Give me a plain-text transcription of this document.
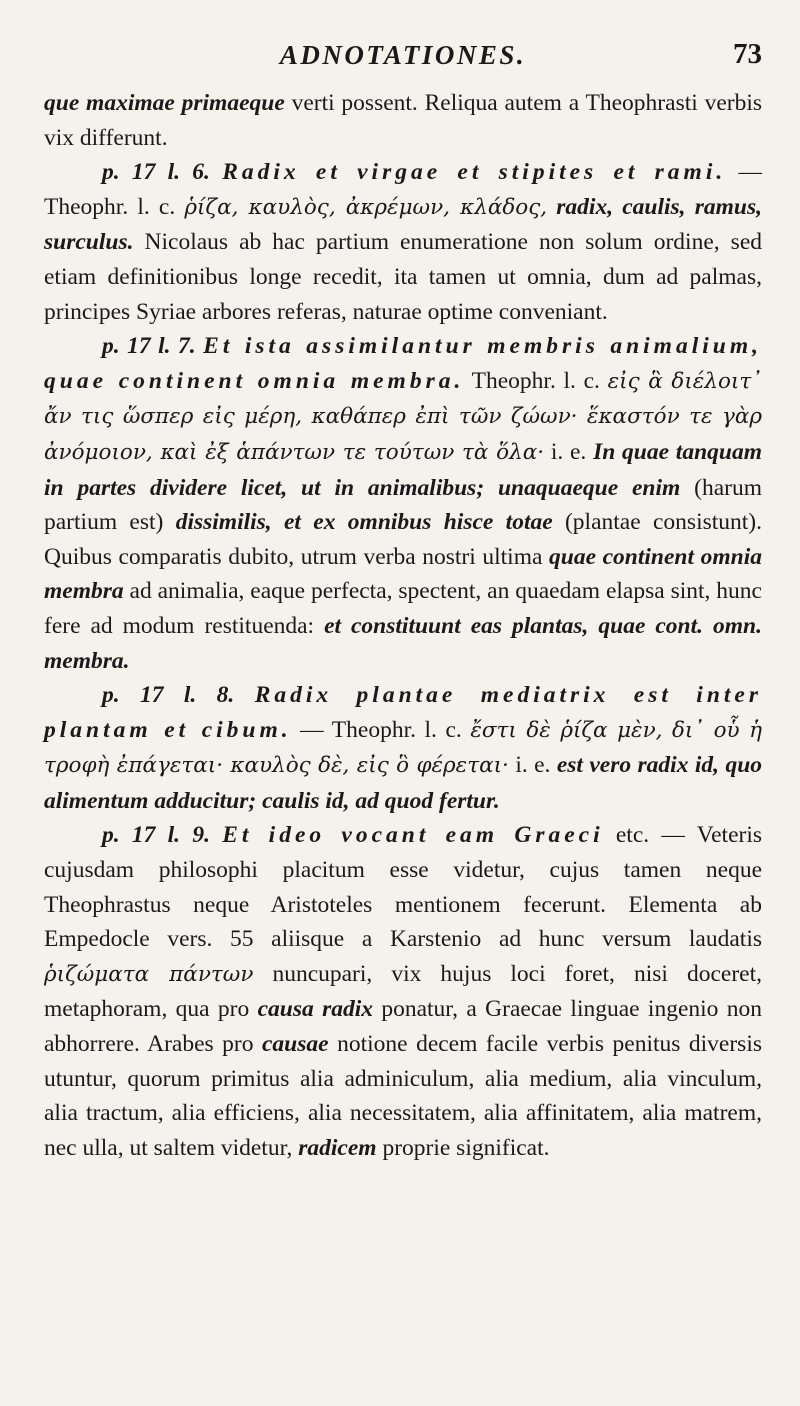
ADNOTATIONES.	73

que maximae primaeque verti possent. Reliqua autem a Theophrasti verbis vix differunt.

p. 17 l. 6. Radix et virgae et stipites et rami. — Theophr. l. c. ῥίζα, καυλὸς, ἀκρέμων, κλάδος, radix, caulis, ramus, surculus. Nicolaus ab hac partium enumeratione non solum ordine, sed etiam definitionibus longe recedit, ita tamen ut omnia, dum ad palmas, principes Syriae arbores referas, naturae optime conveniant.

p. 17 l. 7. Et ista assimilantur membris animalium, quae continent omnia membra. Theophr. l. c. εἰς ἃ διέλοιτ᾽ ἄν τις ὥσπερ εἰς μέρη, καθάπερ ἐπὶ τῶν ζώων· ἕκαστόν τε γὰρ ἀνόμοιον, καὶ ἐξ ἁπάντων τε τούτων τὰ ὅλα· i. e. In quae tanquam in partes dividere licet, ut in animalibus; unaquaeque enim (harum partium est) dissimilis, et ex omnibus hisce totae (plantae consistunt). Quibus comparatis dubito, utrum verba nostri ultima quae continent omnia membra ad animalia, eaque perfecta, spectent, an quaedam elapsa sint, hunc fere ad modum restituenda: et constituunt eas plantas, quae cont. omn. membra.

p. 17 l. 8. Radix plantae mediatrix est inter plantam et cibum. — Theophr. l. c. ἔστι δὲ ῥίζα μὲν, δι᾽ οὗ ἡ τροφὴ ἐπάγεται· καυλὸς δὲ, εἰς ὃ φέρεται· i. e. est vero radix id, quo alimentum adducitur; caulis id, ad quod fertur.

p. 17 l. 9. Et ideo vocant eam Graeci etc. — Veteris cujusdam philosophi placitum esse videtur, cujus tamen neque Theophrastus neque Aristoteles mentionem fecerunt. Elementa ab Empedocle vers. 55 aliisque a Karstenio ad hunc versum laudatis ῥιζώματα πάντων nuncupari, vix hujus loci foret, nisi doceret, metaphoram, qua pro causa radix ponatur, a Graecae linguae ingenio non abhorrere. Arabes pro causae notione decem facile verbis penitus diversis utuntur, quorum primitus alia adminiculum, alia medium, alia vinculum, alia tractum, alia efficiens, alia necessitatem, alia affinitatem, alia matrem, nec ulla, ut saltem videtur, radicem proprie significat.
